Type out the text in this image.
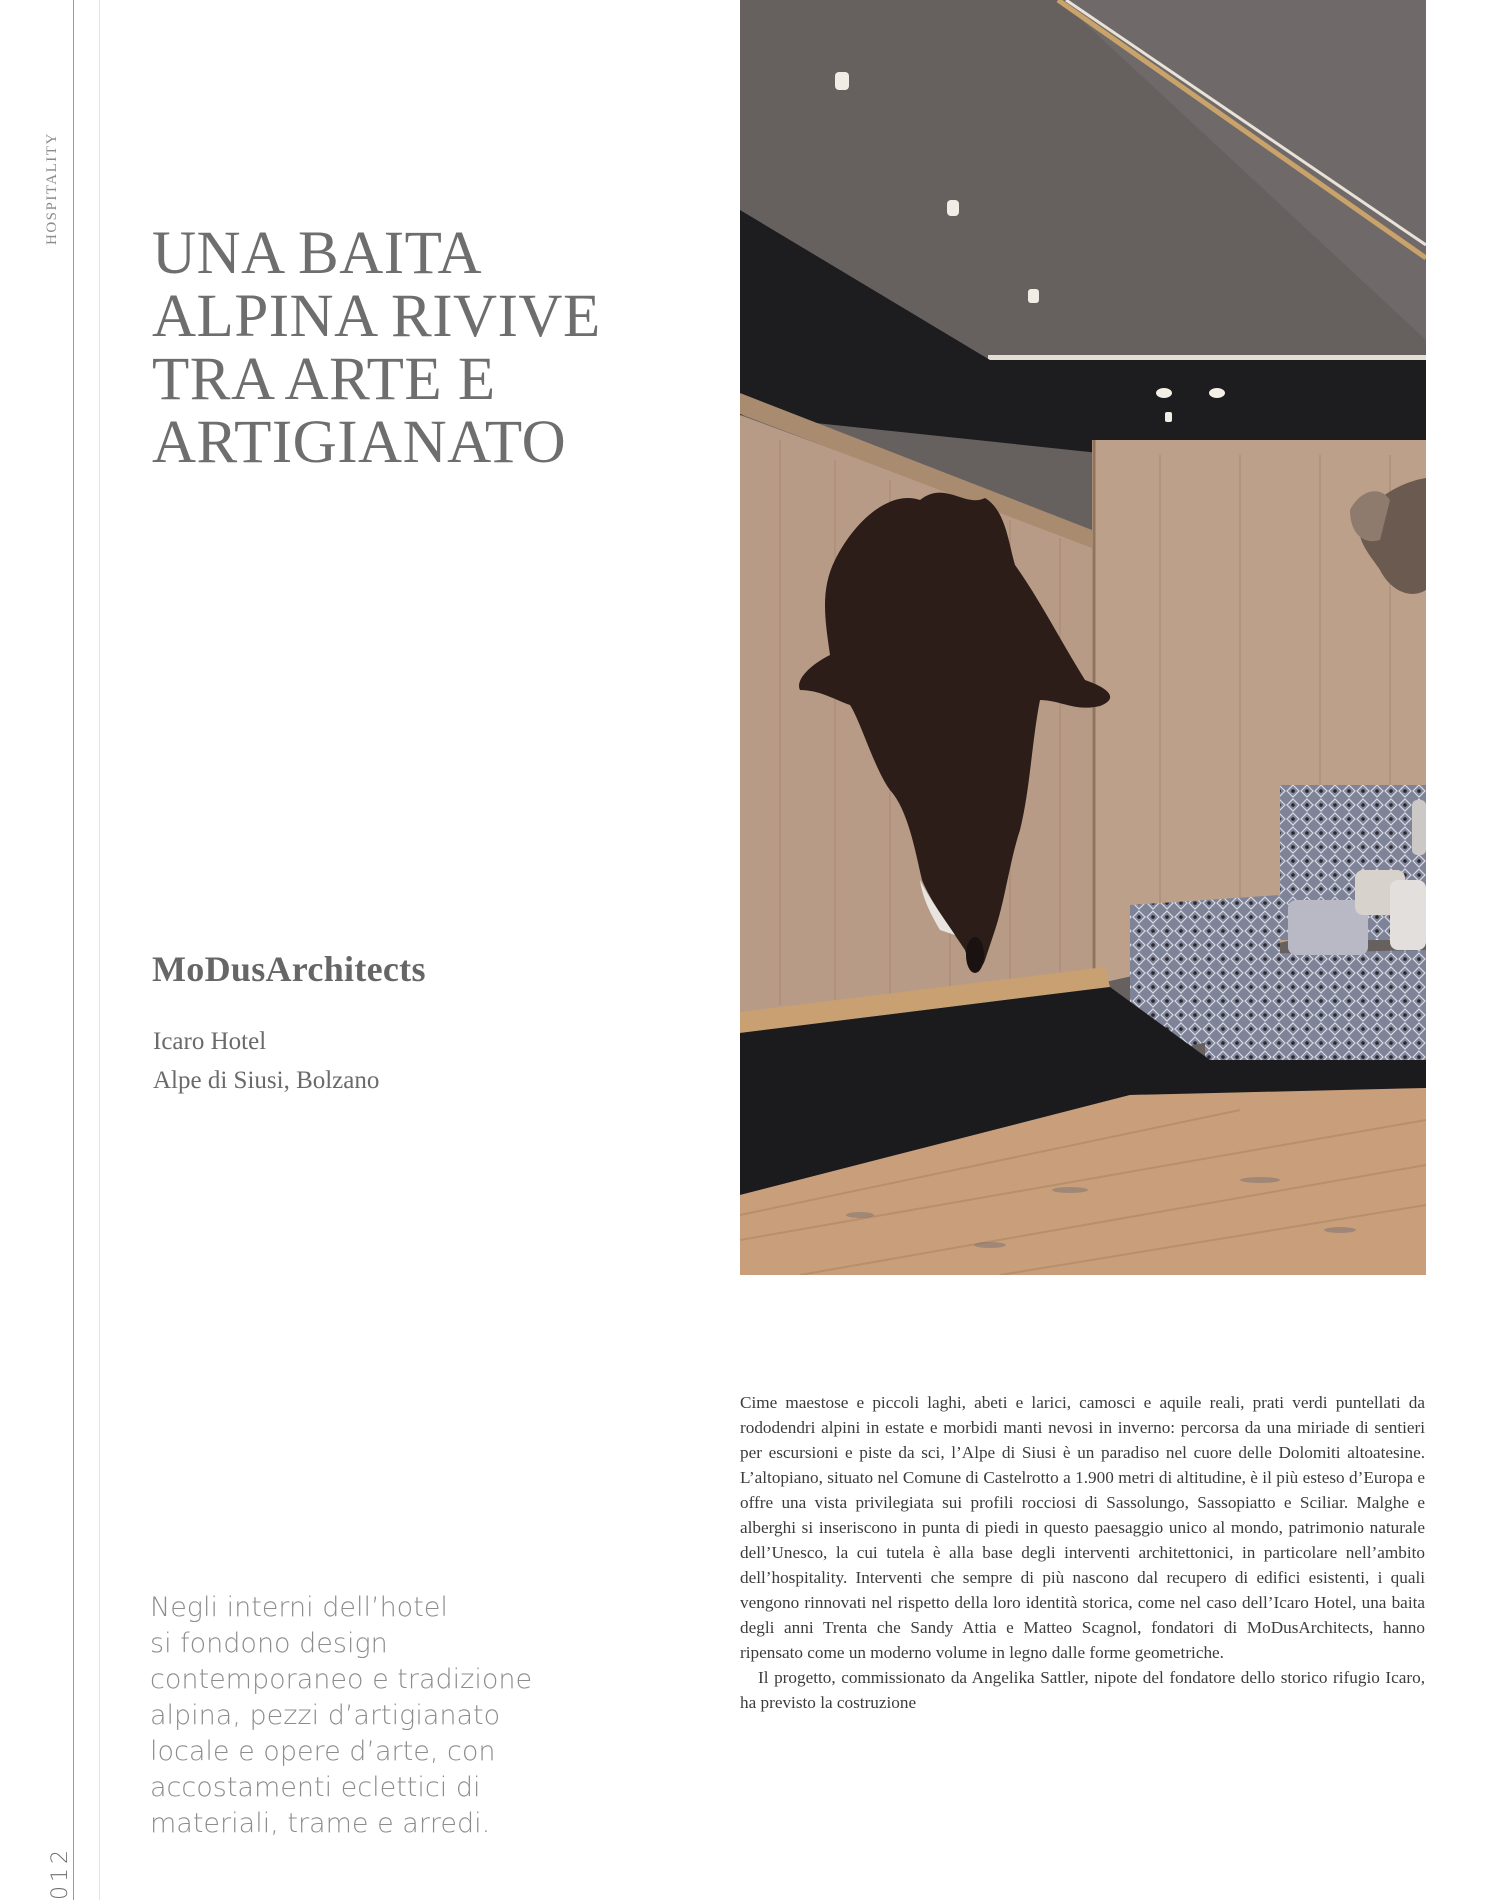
HOSPITALITY
012
UNA BAITA
ALPINA RIVIVE
TRA ARTE E
ARTIGIANATO
MoDusArchitects
Icaro Hotel
Alpe di Siusi, Bolzano
Negli interni dell’hotel
si fondono design
contemporaneo e tradizione
alpina, pezzi d’artigianato
locale e opere d’arte, con
accostamenti eclettici di
materiali, trame e arredi.

Cime maestose e piccoli laghi, abeti e larici, camosci e aquile reali, prati verdi puntellati da rododendri alpini in estate e morbidi manti nevosi in inverno: percorsa da una miriade di sentieri per escursioni e piste da sci, l’Alpe di Siusi è un paradiso nel cuore delle Dolomiti altoatesine. L’altopiano, situato nel Comune di Castelrotto a 1.900 metri di altitudine, è il più esteso d’Europa e offre una vista privilegiata sui profili rocciosi di Sassolungo, Sassopiatto e Sciliar. Malghe e alberghi si inseriscono in punta di piedi in questo paesaggio unico al mondo, patrimonio naturale dell’Unesco, la cui tutela è alla base degli interventi architettonici, in particolare nell’ambito dell’hospitality. Interventi che sempre di più nascono dal recupero di edifici esistenti, i quali vengono rinnovati nel rispetto della loro identità storica, come nel caso dell’Icaro Hotel, una baita degli anni Trenta che Sandy Attia e Matteo Scagnol, fondatori di MoDusArchitects, hanno ripensato come un moderno volume in legno dalle forme geometriche.

Il progetto, commissionato da Angelika Sattler, nipote del fondatore dello storico rifugio Icaro, ha previsto la costruzione
